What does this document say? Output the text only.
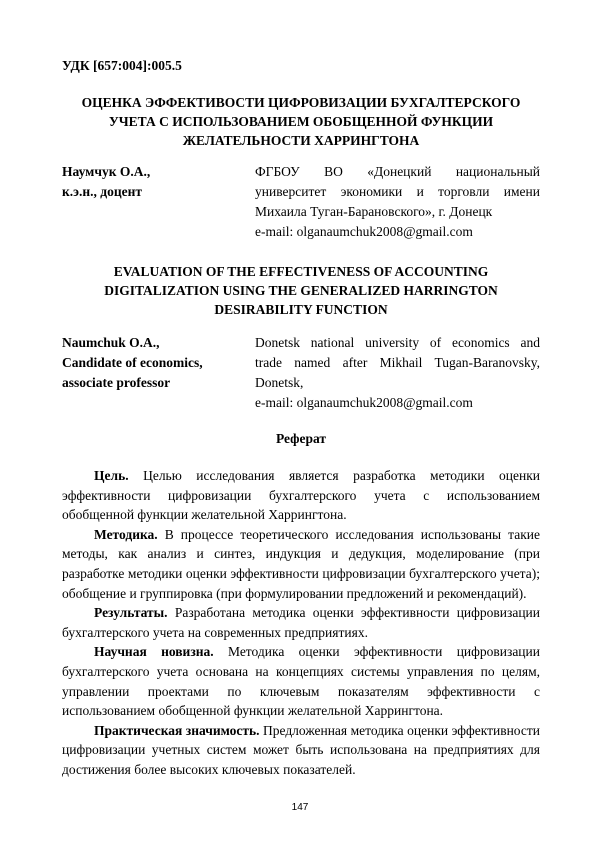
УДК [657:004]:005.5
ОЦЕНКА ЭФФЕКТИВОСТИ ЦИФРОВИЗАЦИИ БУХГАЛТЕРСКОГО
УЧЕТА С ИСПОЛЬЗОВАНИЕМ ОБОБЩЕННОЙ ФУНКЦИИ
ЖЕЛАТЕЛЬНОСТИ ХАРРИНГТОНА
Наумчук О.А.,
к.э.н., доцент
ФГБОУ ВО «Донецкий национальный
университет экономики и торговли имени
Михаила Туган-Барановского», г. Донецк
e-mail: olganaumchuk2008@gmail.com
EVALUATION OF THE EFFECTIVENESS OF ACCOUNTING
DIGITALIZATION USING THE GENERALIZED HARRINGTON
DESIRABILITY FUNCTION
Naumchuk O.A.,
Candidate of economics,
associate professor
Donetsk national university of economics and
trade named after Mikhail Tugan-Baranovsky,
Donetsk,
e-mail: olganaumchuk2008@gmail.com
Реферат

Цель. Целью исследования является разработка методики оценки эффективности цифровизации бухгалтерского учета с использованием обобщенной функции желательной Харрингтона.

Методика. В процессе теоретического исследования использованы такие методы, как анализ и синтез, индукция и дедукция, моделирование (при разработке методики оценки эффективности цифровизации бухгалтерского учета); обобщение и группировка (при формулировании предложений и рекомендаций).

Результаты. Разработана методика оценки эффективности цифровизации бухгалтерского учета на современных предприятиях.

Научная новизна. Методика оценки эффективности цифровизации бухгалтерского учета основана на концепциях системы управления по целям, управлении проектами по ключевым показателям эффективности с использованием обобщенной функции желательной Харрингтона.

Практическая значимость. Предложенная методика оценки эффективности цифровизации учетных систем может быть использована на предприятиях для достижения более высоких ключевых показателей.

147
